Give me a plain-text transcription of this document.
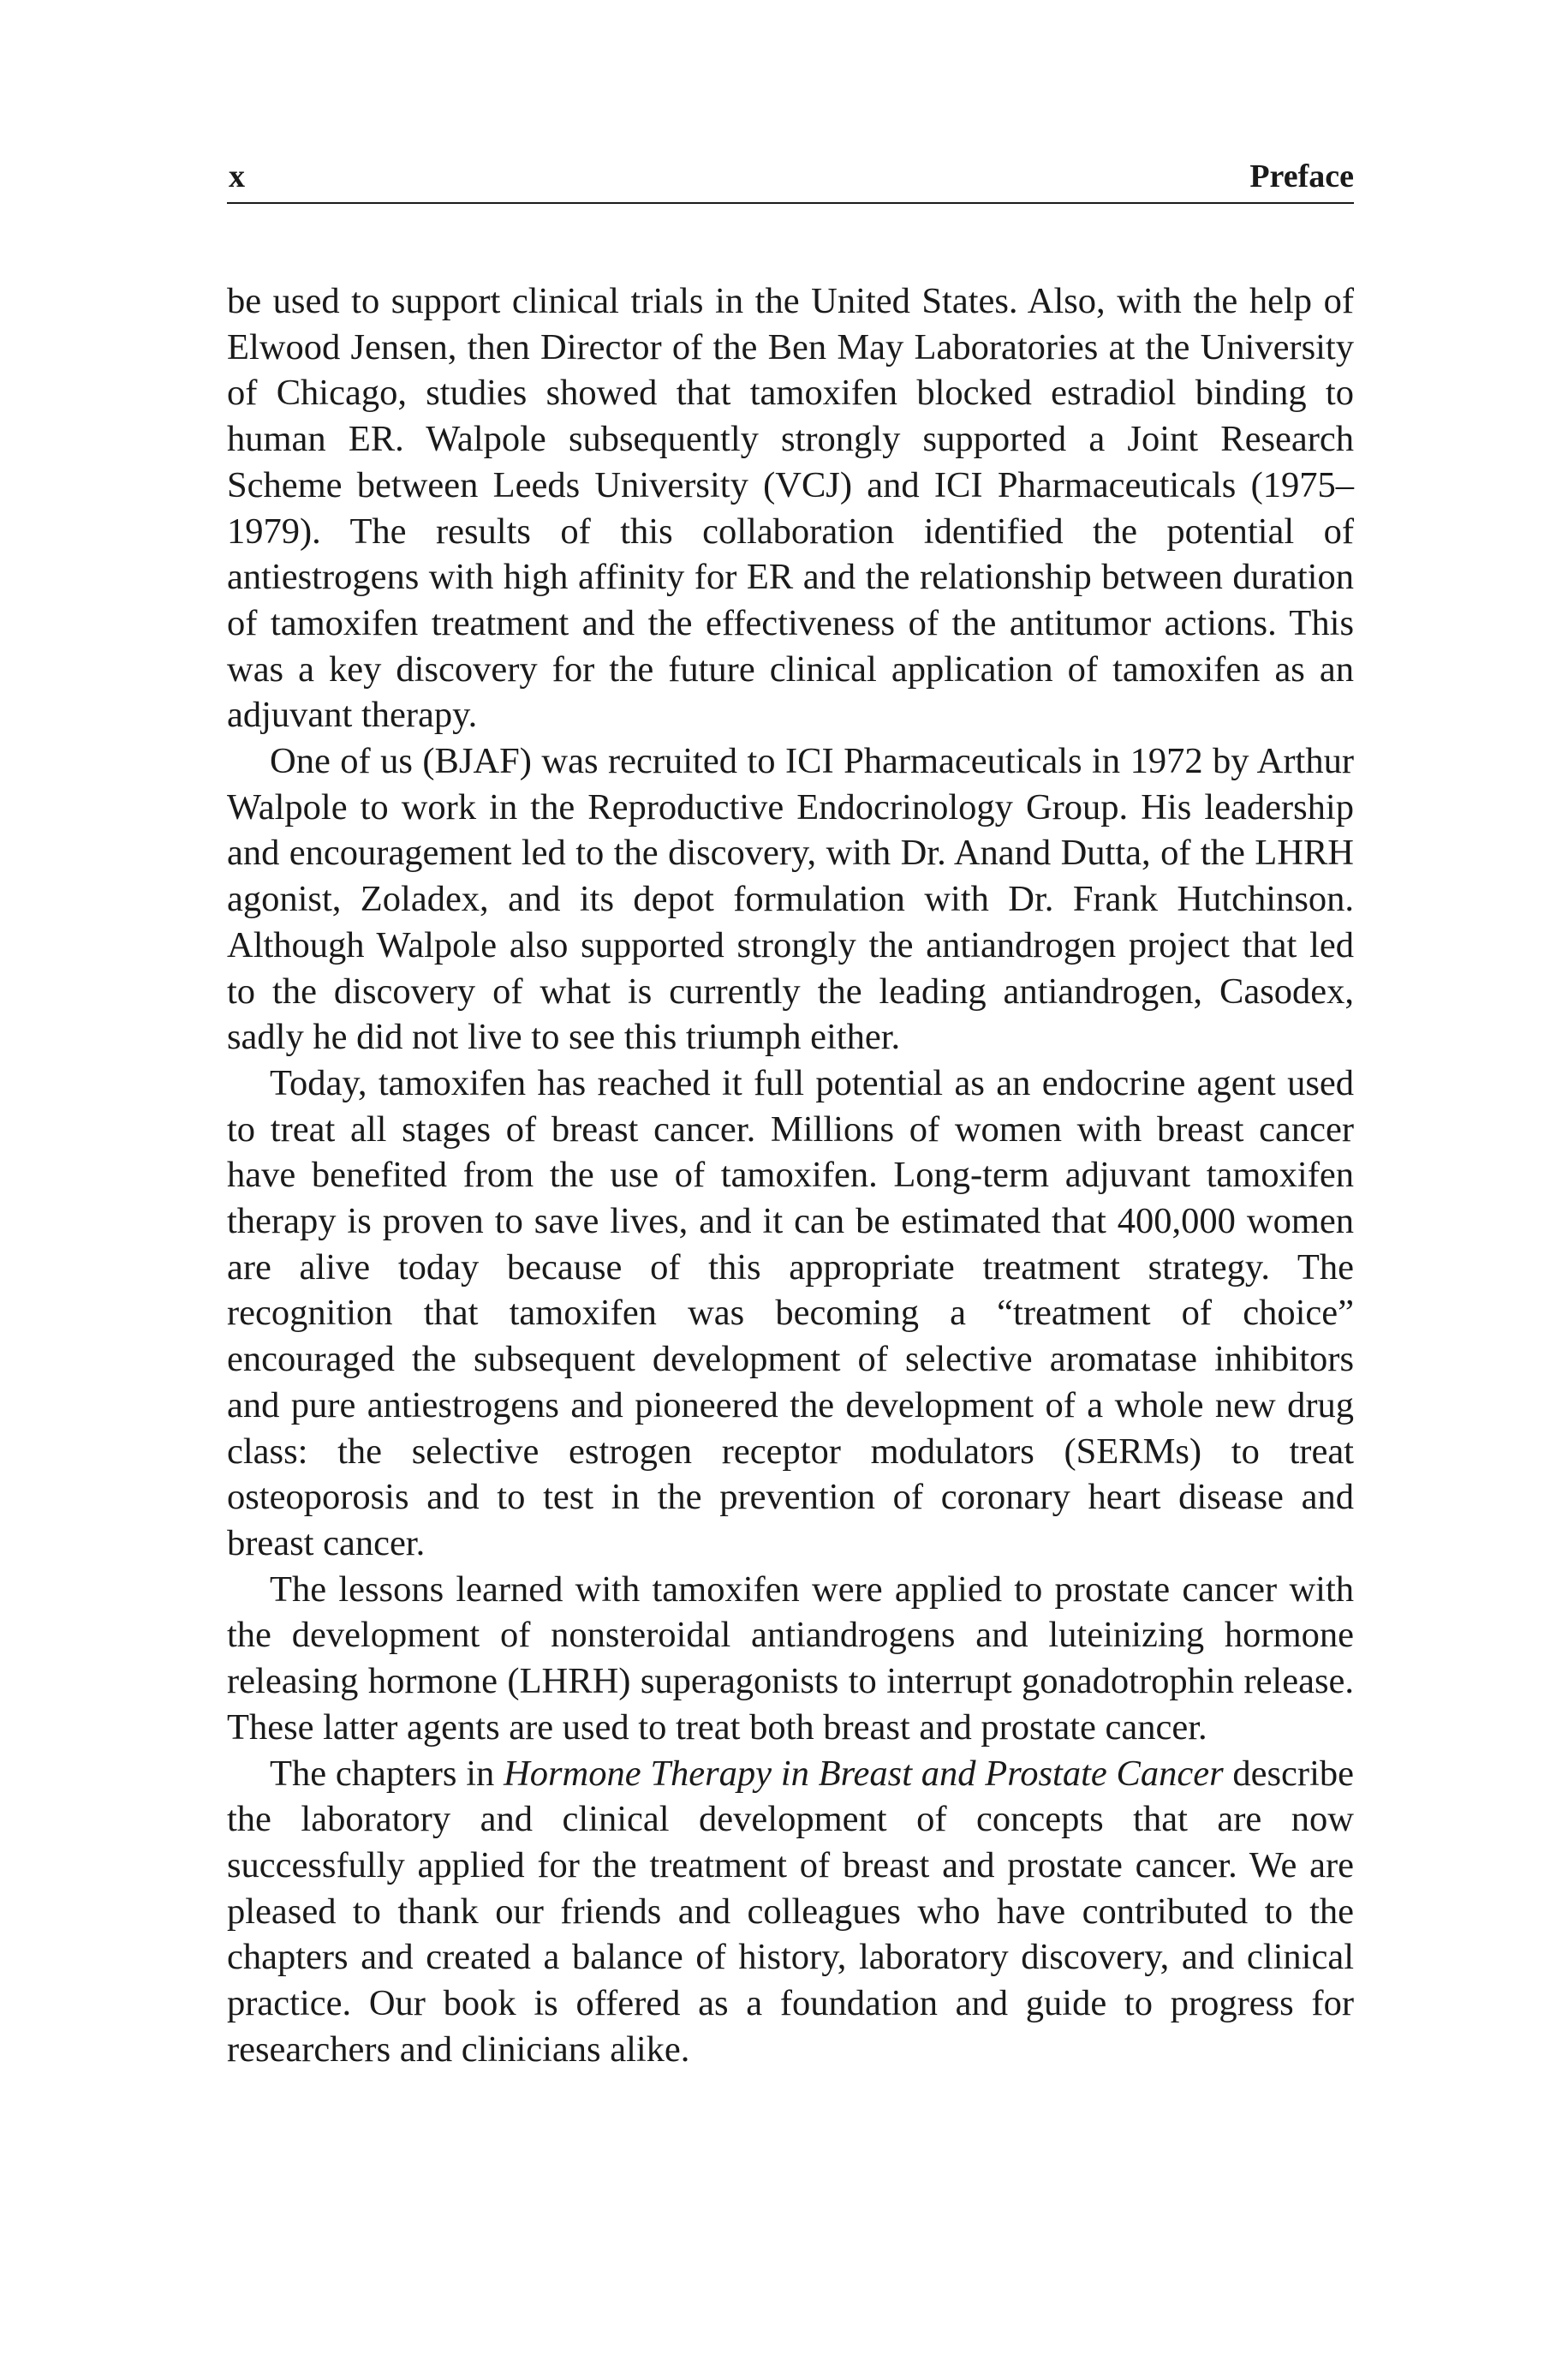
x	Preface

be used to support clinical trials in the United States. Also, with the help of Elwood Jensen, then Director of the Ben May Laboratories at the University of Chicago, studies showed that tamoxifen blocked estradiol binding to human ER. Walpole subsequently strongly supported a Joint Research Scheme between Leeds University (VCJ) and ICI Pharmaceuticals (1975–1979). The results of this collaboration identified the potential of antiestrogens with high affinity for ER and the relationship between duration of tamoxifen treatment and the effectiveness of the antitumor actions. This was a key discovery for the future clinical application of tamoxifen as an adjuvant therapy.

One of us (BJAF) was recruited to ICI Pharmaceuticals in 1972 by Arthur Walpole to work in the Reproductive Endocrinology Group. His leadership and encouragement led to the discovery, with Dr. Anand Dutta, of the LHRH agonist, Zoladex, and its depot formulation with Dr. Frank Hutchinson. Although Walpole also supported strongly the antiandrogen project that led to the discovery of what is currently the leading antiandrogen, Casodex, sadly he did not live to see this triumph either.

Today, tamoxifen has reached it full potential as an endocrine agent used to treat all stages of breast cancer. Millions of women with breast cancer have benefited from the use of tamoxifen. Long-term adjuvant tamoxifen therapy is proven to save lives, and it can be estimated that 400,000 women are alive today because of this appropriate treatment strategy. The recognition that tamoxifen was becoming a “treatment of choice” encouraged the subsequent development of selective aromatase inhibitors and pure antiestrogens and pioneered the development of a whole new drug class: the selective estrogen receptor modulators (SERMs) to treat osteoporosis and to test in the prevention of coronary heart disease and breast cancer.

The lessons learned with tamoxifen were applied to prostate cancer with the development of nonsteroidal antiandrogens and luteinizing hormone releasing hormone (LHRH) superagonists to interrupt gonadotrophin release. These latter agents are used to treat both breast and prostate cancer.

The chapters in Hormone Therapy in Breast and Prostate Cancer describe the laboratory and clinical development of concepts that are now successfully applied for the treatment of breast and prostate cancer. We are pleased to thank our friends and colleagues who have contributed to the chapters and created a balance of history, laboratory discovery, and clinical practice. Our book is offered as a foundation and guide to progress for researchers and clinicians alike.
